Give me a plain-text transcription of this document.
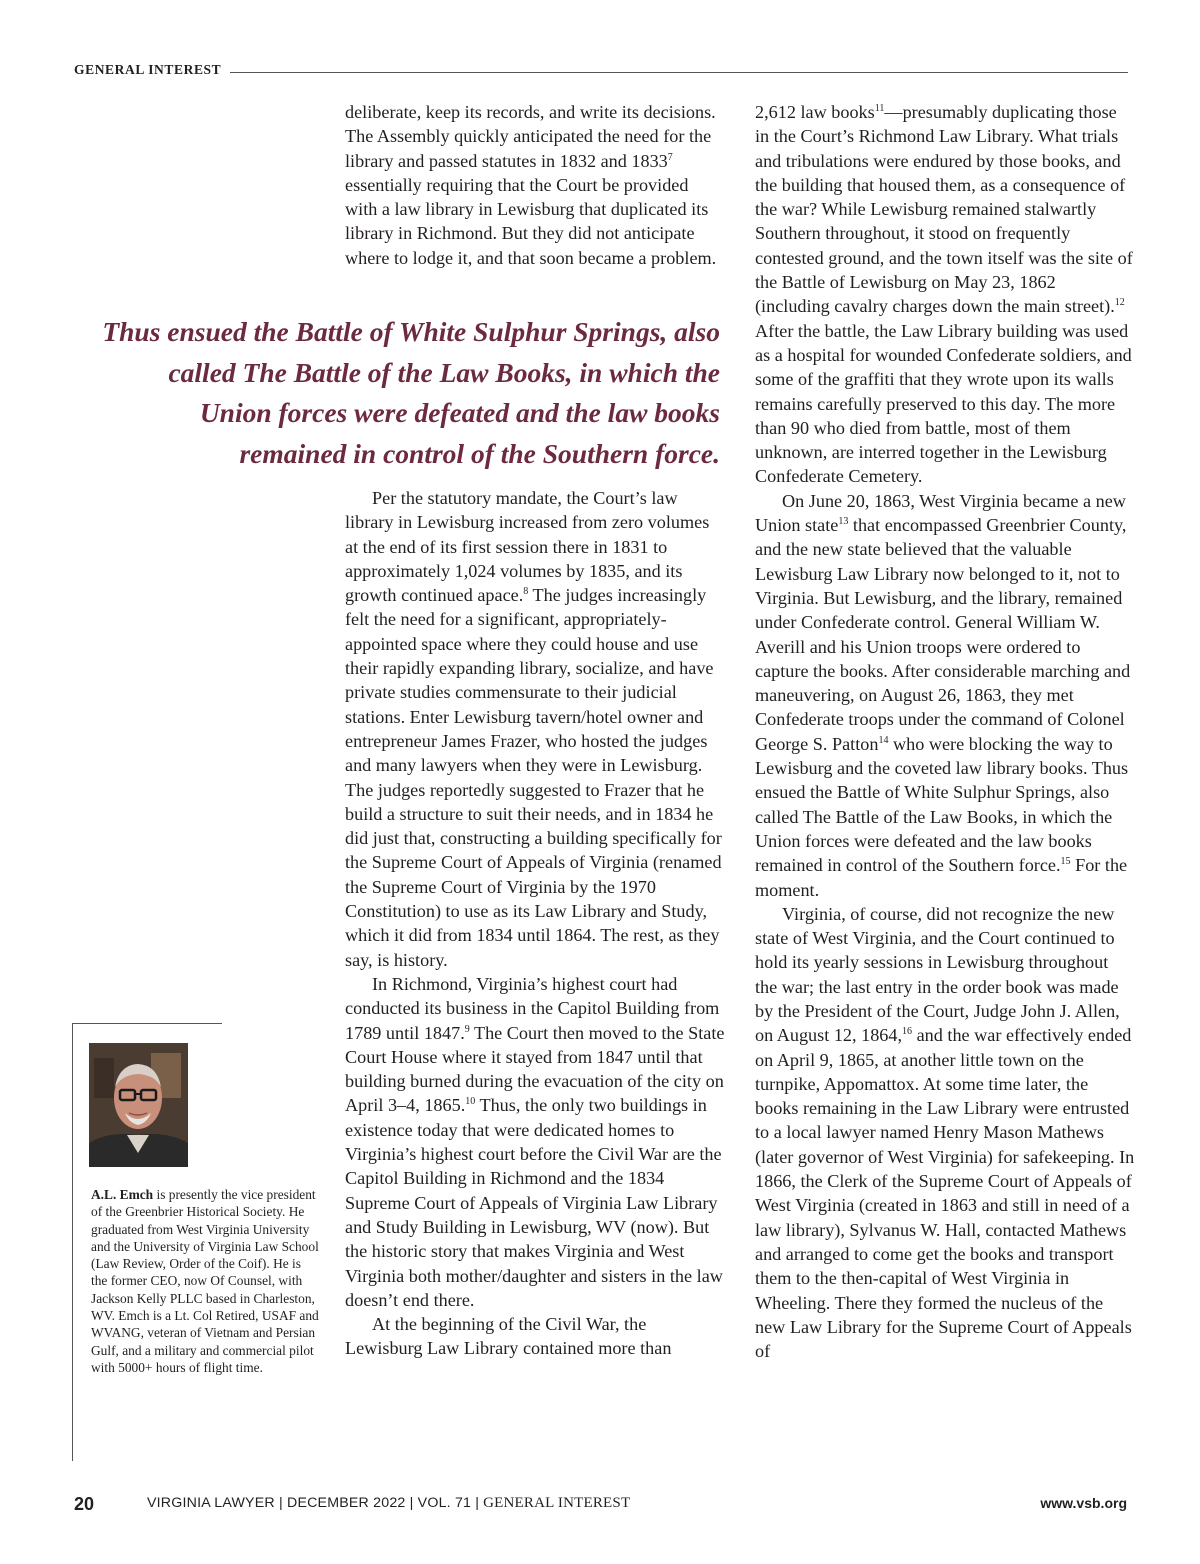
GENERAL INTEREST

deliberate, keep its records, and write its decisions. The Assembly quickly anticipated the need for the library and passed statutes in 1832 and 1833$^7$ essentially requiring that the Court be provided with a law library in Lewisburg that duplicated its library in Richmond. But they did not anticipate where to lodge it, and that soon became a problem.

Thus ensued the Battle of White Sulphur Springs, also called The Battle of the Law Books, in which the Union forces were defeated and the law books remained in control of the Southern force.

Per the statutory mandate, the Court’s law library in Lewisburg increased from zero volumes at the end of its first session there in 1831 to approximately 1,024 volumes by 1835, and its growth continued apace.$^8$ The judges increasingly felt the need for a significant, appropriately-appointed space where they could house and use their rapidly expanding library, socialize, and have private studies commensurate to their judicial stations. Enter Lewisburg tavern/hotel owner and entrepreneur James Frazer, who hosted the judges and many lawyers when they were in Lewisburg. The judges reportedly suggested to Frazer that he build a structure to suit their needs, and in 1834 he did just that, constructing a building specifically for the Supreme Court of Appeals of Virginia (renamed the Supreme Court of Virginia by the 1970 Constitution) to use as its Law Library and Study, which it did from 1834 until 1864. The rest, as they say, is history.

In Richmond, Virginia’s highest court had conducted its business in the Capitol Building from 1789 until 1847.$^9$ The Court then moved to the State Court House where it stayed from 1847 until that building burned during the evacuation of the city on April 3–4, 1865.10 Thus, the only two buildings in existence today that were dedicated homes to Virginia’s highest court before the Civil War are the Capitol Building in Richmond and the 1834 Supreme Court of Appeals of Virginia Law Library and Study Building in Lewisburg, WV (now). But the historic story that makes Virginia and West Virginia both mother/daughter and sisters in the law doesn’t end there.

At the beginning of the Civil War, the Lewisburg Law Library contained more than

2,612 law books$^{11}$—presumably duplicating those in the Court’s Richmond Law Library. What trials and tribulations were endured by those books, and the building that housed them, as a consequence of the war? While Lewisburg remained stalwartly Southern throughout, it stood on frequently contested ground, and the town itself was the site of the Battle of Lewisburg on May 23, 1862 (including cavalry charges down the main street).$^{12}$ After the battle, the Law Library building was used as a hospital for wounded Confederate soldiers, and some of the graffiti that they wrote upon its walls remains carefully preserved to this day. The more than 90 who died from battle, most of them unknown, are interred together in the Lewisburg Confederate Cemetery.

On June 20, 1863, West Virginia became a new Union state$^{13}$ that encompassed Greenbrier County, and the new state believed that the valuable Lewisburg Law Library now belonged to it, not to Virginia. But Lewisburg, and the library, remained under Confederate control. General William W. Averill and his Union troops were ordered to capture the books. After considerable marching and maneuvering, on August 26, 1863, they met Confederate troops under the command of Colonel George S. Patton$^{14}$ who were blocking the way to Lewisburg and the coveted law library books. Thus ensued the Battle of White Sulphur Springs, also called The Battle of the Law Books, in which the Union forces were defeated and the law books remained in control of the Southern force.$^{15}$ For the moment.

Virginia, of course, did not recognize the new state of West Virginia, and the Court continued to hold its yearly sessions in Lewisburg throughout the war; the last entry in the order book was made by the President of the Court, Judge John J. Allen, on August 12, 1864,16 and the war effectively ended on April 9, 1865, at another little town on the turnpike, Appomattox. At some time later, the books remaining in the Law Library were entrusted to a local lawyer named Henry Mason Mathews (later governor of West Virginia) for safekeeping. In 1866, the Clerk of the Supreme Court of Appeals of West Virginia (created in 1863 and still in need of a law library), Sylvanus W. Hall, contacted Mathews and arranged to come get the books and transport them to the then-capital of West Virginia in Wheeling. There they formed the nucleus of the new Law Library for the Supreme Court of Appeals of

A.L. Emch is presently the vice president of the Greenbrier Historical Society. He graduated from West Virginia University and the University of Virginia Law School (Law Review, Order of the Coif). He is the former CEO, now Of Counsel, with Jackson Kelly PLLC based in Charleston, WV. Emch is a Lt. Col Retired, USAF and WVANG, veteran of Vietnam and Persian Gulf, and a military and commercial pilot with 5000+ hours of flight time.
20	VIRGINIA LAWYER | DECEMBER 2022 | VOL. 71 | GENERAL INTEREST	www.vsb.org
